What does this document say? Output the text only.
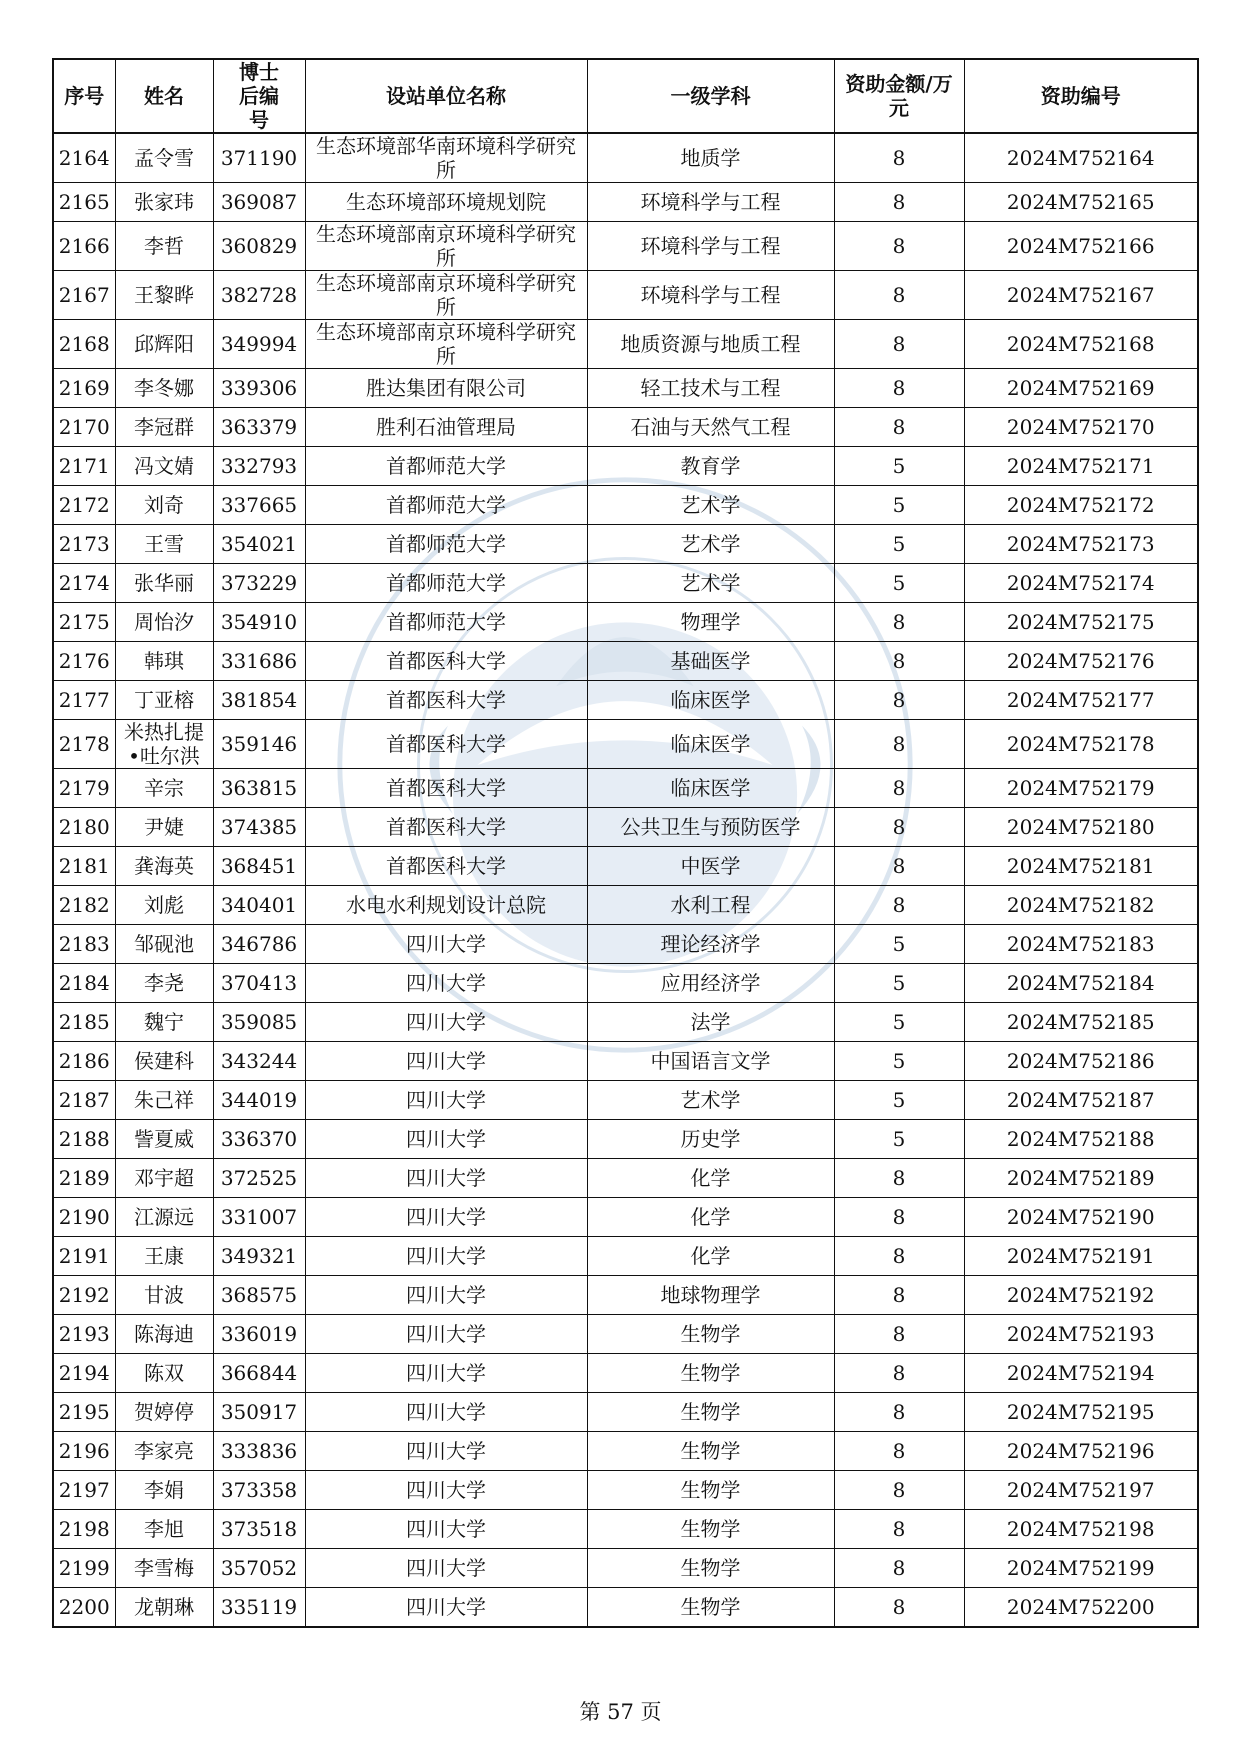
序号	姓名	博士后编号	设站单位名称	一级学科	资助金额/万元	资助编号
2164	孟令雪	371190	生态环境部华南环境科学研究所	地质学	8	2024M752164
2165	张家玮	369087	生态环境部环境规划院	环境科学与工程	8	2024M752165
2166	李哲	360829	生态环境部南京环境科学研究所	环境科学与工程	8	2024M752166
2167	王黎晔	382728	生态环境部南京环境科学研究所	环境科学与工程	8	2024M752167
2168	邱辉阳	349994	生态环境部南京环境科学研究所	地质资源与地质工程	8	2024M752168
2169	李冬娜	339306	胜达集团有限公司	轻工技术与工程	8	2024M752169
2170	李冠群	363379	胜利石油管理局	石油与天然气工程	8	2024M752170
2171	冯文婧	332793	首都师范大学	教育学	5	2024M752171
2172	刘奇	337665	首都师范大学	艺术学	5	2024M752172
2173	王雪	354021	首都师范大学	艺术学	5	2024M752173
2174	张华丽	373229	首都师范大学	艺术学	5	2024M752174
2175	周怡汐	354910	首都师范大学	物理学	8	2024M752175
2176	韩琪	331686	首都医科大学	基础医学	8	2024M752176
2177	丁亚榕	381854	首都医科大学	临床医学	8	2024M752177
2178	米热扎提•吐尔洪	359146	首都医科大学	临床医学	8	2024M752178
2179	辛宗	363815	首都医科大学	临床医学	8	2024M752179
2180	尹婕	374385	首都医科大学	公共卫生与预防医学	8	2024M752180
2181	龚海英	368451	首都医科大学	中医学	8	2024M752181
2182	刘彪	340401	水电水利规划设计总院	水利工程	8	2024M752182
2183	邹砚池	346786	四川大学	理论经济学	5	2024M752183
2184	李尧	370413	四川大学	应用经济学	5	2024M752184
2185	魏宁	359085	四川大学	法学	5	2024M752185
2186	侯建科	343244	四川大学	中国语言文学	5	2024M752186
2187	朱己祥	344019	四川大学	艺术学	5	2024M752187
2188	訾夏威	336370	四川大学	历史学	5	2024M752188
2189	邓宇超	372525	四川大学	化学	8	2024M752189
2190	江源远	331007	四川大学	化学	8	2024M752190
2191	王康	349321	四川大学	化学	8	2024M752191
2192	甘波	368575	四川大学	地球物理学	8	2024M752192
2193	陈海迪	336019	四川大学	生物学	8	2024M752193
2194	陈双	366844	四川大学	生物学	8	2024M752194
2195	贺婷停	350917	四川大学	生物学	8	2024M752195
2196	李家亮	333836	四川大学	生物学	8	2024M752196
2197	李娟	373358	四川大学	生物学	8	2024M752197
2198	李旭	373518	四川大学	生物学	8	2024M752198
2199	李雪梅	357052	四川大学	生物学	8	2024M752199
2200	龙朝琳	335119	四川大学	生物学	8	2024M752200
第 57 页
